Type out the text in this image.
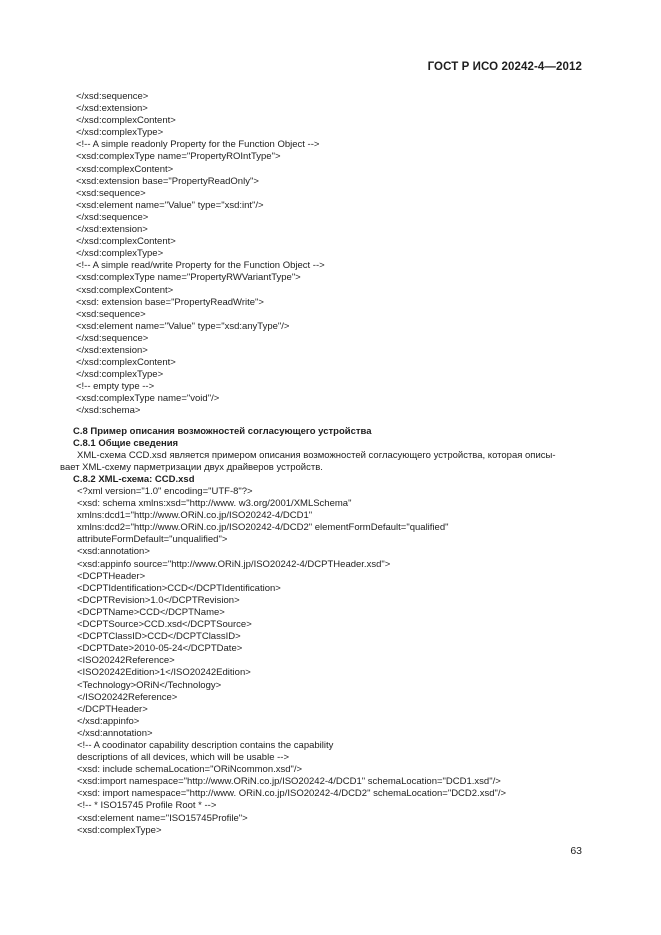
ГОСТ Р ИСО 20242-4—2012
</xsd:sequence>
</xsd:extension>
</xsd:complexContent>
</xsd:complexType>
<!-- A simple readonly Property for the Function Object -->
<xsd:complexType name="PropertyROIntType">
<xsd:complexContent>
<xsd:extension base="PropertyReadOnly">
<xsd:sequence>
<xsd:element name="Value" type="xsd:int"/>
</xsd:sequence>
</xsd:extension>
</xsd:complexContent>
</xsd:complexType>
<!-- A simple read/write Property for the Function Object -->
<xsd:complexType name="PropertyRWVariantType">
<xsd:complexContent>
<xsd: extension base="PropertyReadWrite">
<xsd:sequence>
<xsd:element name="Value" type="xsd:anyType"/>
</xsd:sequence>
</xsd:extension>
</xsd:complexContent>
</xsd:complexType>
<!-- empty type -->
<xsd:complexType name="void"/>
</xsd:schema>
C.8 Пример описания возможностей согласующего устройства
C.8.1 Общие сведения
XML-схема CCD.xsd является примером описания возможностей согласующего устройства, которая описы-
вает XML-схему парметризации двух драйверов устройств.
C.8.2 XML-схема: CCD.xsd
<?xml version="1.0" encoding="UTF-8"?>
<xsd: schema xmlns:xsd="http://www. w3.org/2001/XMLSchema"
xmlns:dcd1="http://www.ORiN.co.jp/ISO20242-4/DCD1"
xmlns:dcd2="http://www.ORiN.co.jp/ISO20242-4/DCD2" elementFormDefault="qualified"
attributeFormDefault="unqualified">
<xsd:annotation>
<xsd:appinfo source="http://www.ORiN.jp/ISO20242-4/DCPTHeader.xsd">
<DCPTHeader>
<DCPTIdentification>CCD</DCPTIdentification>
<DCPTRevision>1.0</DCPTRevision>
<DCPTName>CCD</DCPTName>
<DCPTSource>CCD.xsd</DCPTSource>
<DCPTClassID>CCD</DCPTClassID>
<DCPTDate>2010-05-24</DCPTDate>
<ISO20242Reference>
<ISO20242Edition>1</ISO20242Edition>
<Technology>ORiN</Technology>
</ISO20242Reference>
</DCPTHeader>
</xsd:appinfo>
</xsd:annotation>
<!-- A coodinator capability description contains the capability
descriptions of all devices, which will be usable -->
<xsd: include schemaLocation="ORiNcommon.xsd"/>
<xsd:import namespace="http://www.ORiN.co.jp/ISO20242-4/DCD1" schemaLocation="DCD1.xsd"/>
<xsd: import namespace="http://www. ORiN.co.jp/ISO20242-4/DCD2" schemaLocation="DCD2.xsd"/>
<!-- * ISO15745 Profile Root * -->
<xsd:element name="ISO15745Profile">
<xsd:complexType>
63
